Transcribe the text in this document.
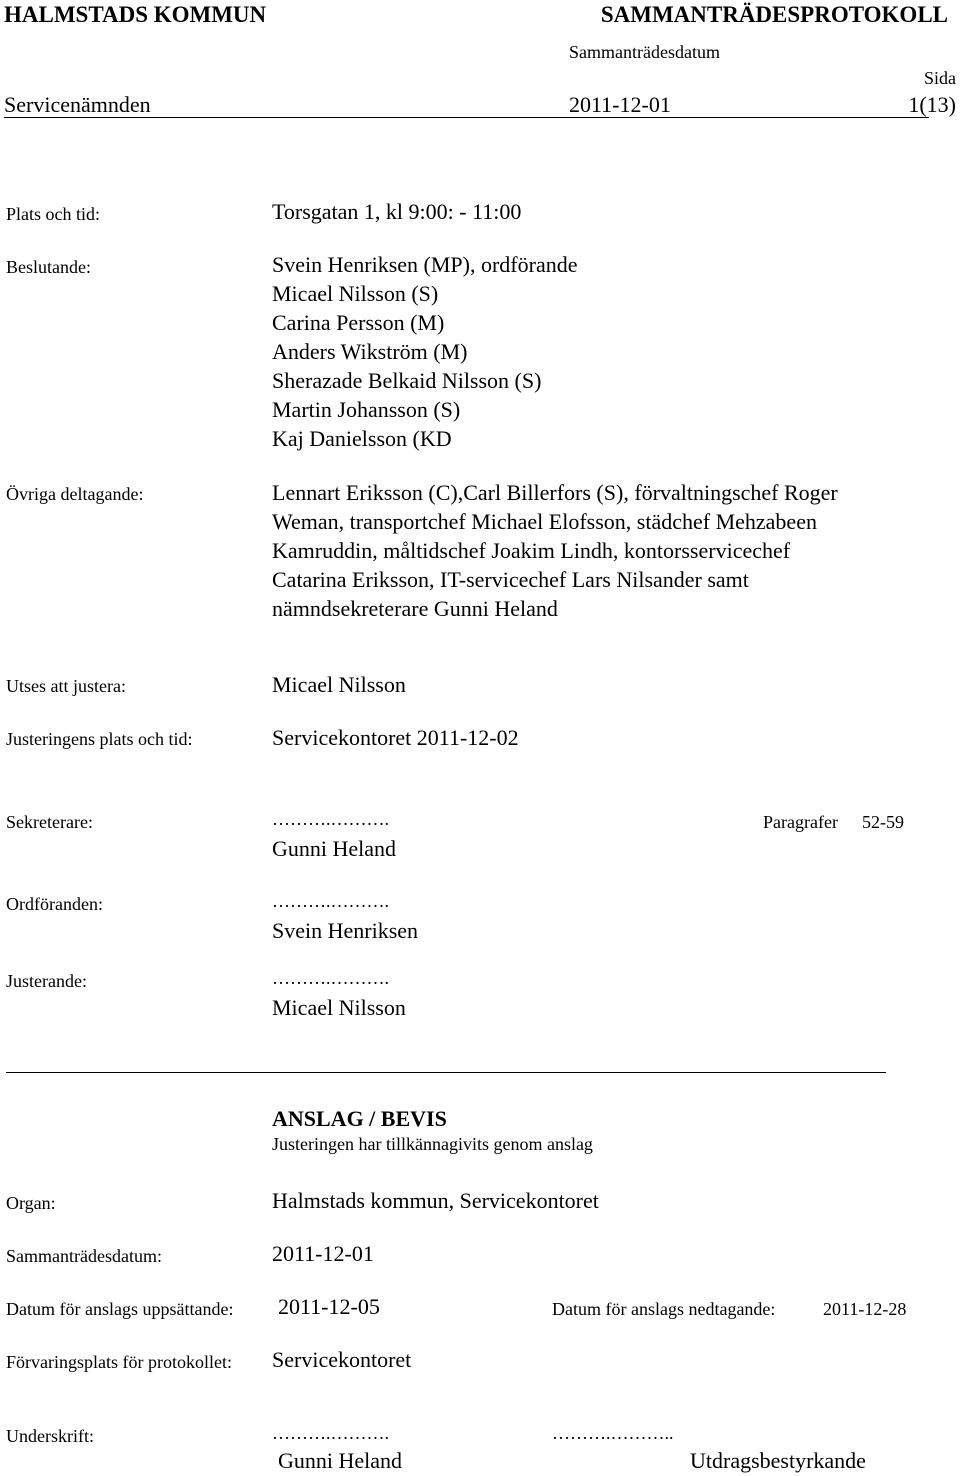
HALMSTADS KOMMUN	SAMMANTRÄDESPROTOKOLL
Sammanträdesdatum
Sida
Servicenämnden	2011-12-01	1(13)
Plats och tid:	Torsgatan 1, kl 9:00: - 11:00
Beslutande:	Svein Henriksen (MP), ordförande
Micael Nilsson (S)
Carina Persson (M)
Anders Wikström (M)
Sherazade Belkaid Nilsson (S)
Martin Johansson (S)
Kaj Danielsson (KD
Övriga deltagande:	Lennart Eriksson (C),Carl Billerfors (S), förvaltningschef Roger
Weman, transportchef Michael Elofsson, städchef Mehzabeen
Kamruddin, måltidschef Joakim Lindh, kontorsservicechef
Catarina Eriksson, IT-servicechef Lars Nilsander samt
nämndsekreterare Gunni Heland
Utses att justera:	Micael Nilsson
Justeringens plats och tid:	Servicekontoret 2011-12-02
Sekreterare:	……….……….
Gunni Heland
Paragrafer 52-59
Ordföranden:	……….……….
Svein Henriksen
Justerande:	……….……….
Micael Nilsson
ANSLAG / BEVIS
Justeringen har tillkännagivits genom anslag
Organ:	Halmstads kommun, Servicekontoret
Sammanträdesdatum:	2011-12-01
Datum för anslags uppsättande: 2011-12-05	Datum för anslags nedtagande:	2011-12-28
Förvaringsplats för protokollet: Servicekontoret
Underskrift:	……….……….
Gunni Heland
……….………..
Utdragsbestyrkande
